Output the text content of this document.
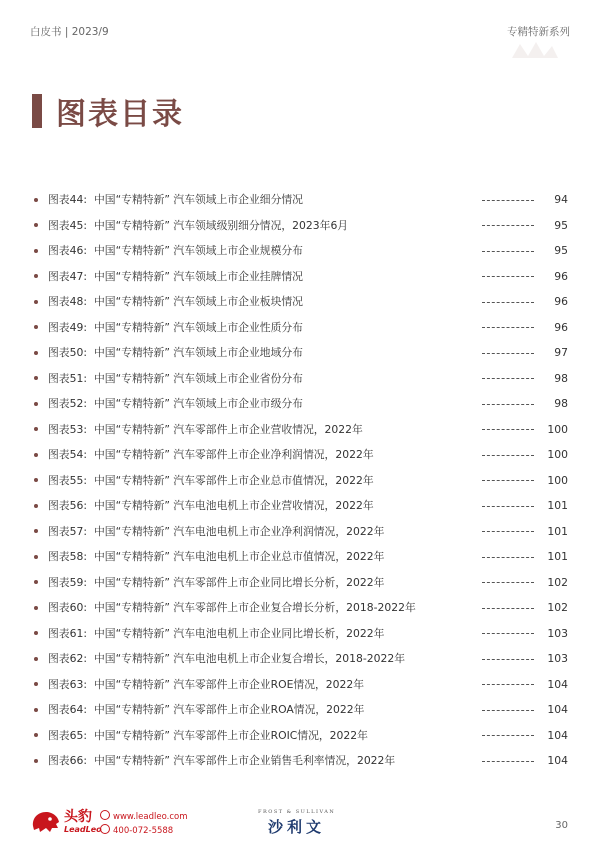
白皮书 | 2023/9	专精特新系列
图表目录
图表44: 中国“专精特新” 汽车领域上市企业细分情况	94
图表45: 中国“专精特新” 汽车领域级别细分情况，2023年6月	95
图表46: 中国“专精特新” 汽车领域上市企业规模分布	95
图表47: 中国“专精特新” 汽车领域上市企业挂牌情况	96
图表48: 中国“专精特新” 汽车领域上市企业板块情况	96
图表49: 中国“专精特新” 汽车领域上市企业性质分布	96
图表50: 中国“专精特新” 汽车领域上市企业地域分布	97
图表51: 中国“专精特新” 汽车领域上市企业省份分布	98
图表52: 中国“专精特新” 汽车领域上市企业市级分布	98
图表53: 中国“专精特新” 汽车零部件上市企业营收情况，2022年	100
图表54: 中国“专精特新” 汽车零部件上市企业净利润情况，2022年	100
图表55: 中国“专精特新” 汽车零部件上市企业总市值情况，2022年	100
图表56: 中国“专精特新” 汽车电池电机上市企业营收情况，2022年	101
图表57: 中国“专精特新” 汽车电池电机上市企业净利润情况，2022年	101
图表58: 中国“专精特新” 汽车电池电机上市企业总市值情况，2022年	101
图表59: 中国“专精特新” 汽车零部件上市企业同比增长分析，2022年	102
图表60: 中国“专精特新” 汽车零部件上市企业复合增长分析，2018-2022年	102
图表61: 中国“专精特新” 汽车电池电机上市企业同比增长析，2022年	103
图表62: 中国“专精特新” 汽车电池电机上市企业复合增长，2018-2022年	103
图表63: 中国“专精特新” 汽车零部件上市企业ROE情况，2022年	104
图表64: 中国“专精特新” 汽车零部件上市企业ROA情况，2022年	104
图表65: 中国“专精特新” 汽车零部件上市企业ROIC情况，2022年	104
图表66: 中国“专精特新” 汽车零部件上市企业销售毛利率情况，2022年	104
头豹
LeadLeo
www.leadleo.com
400-072-5588
FROST & SULLIVAN
沙利文	30
